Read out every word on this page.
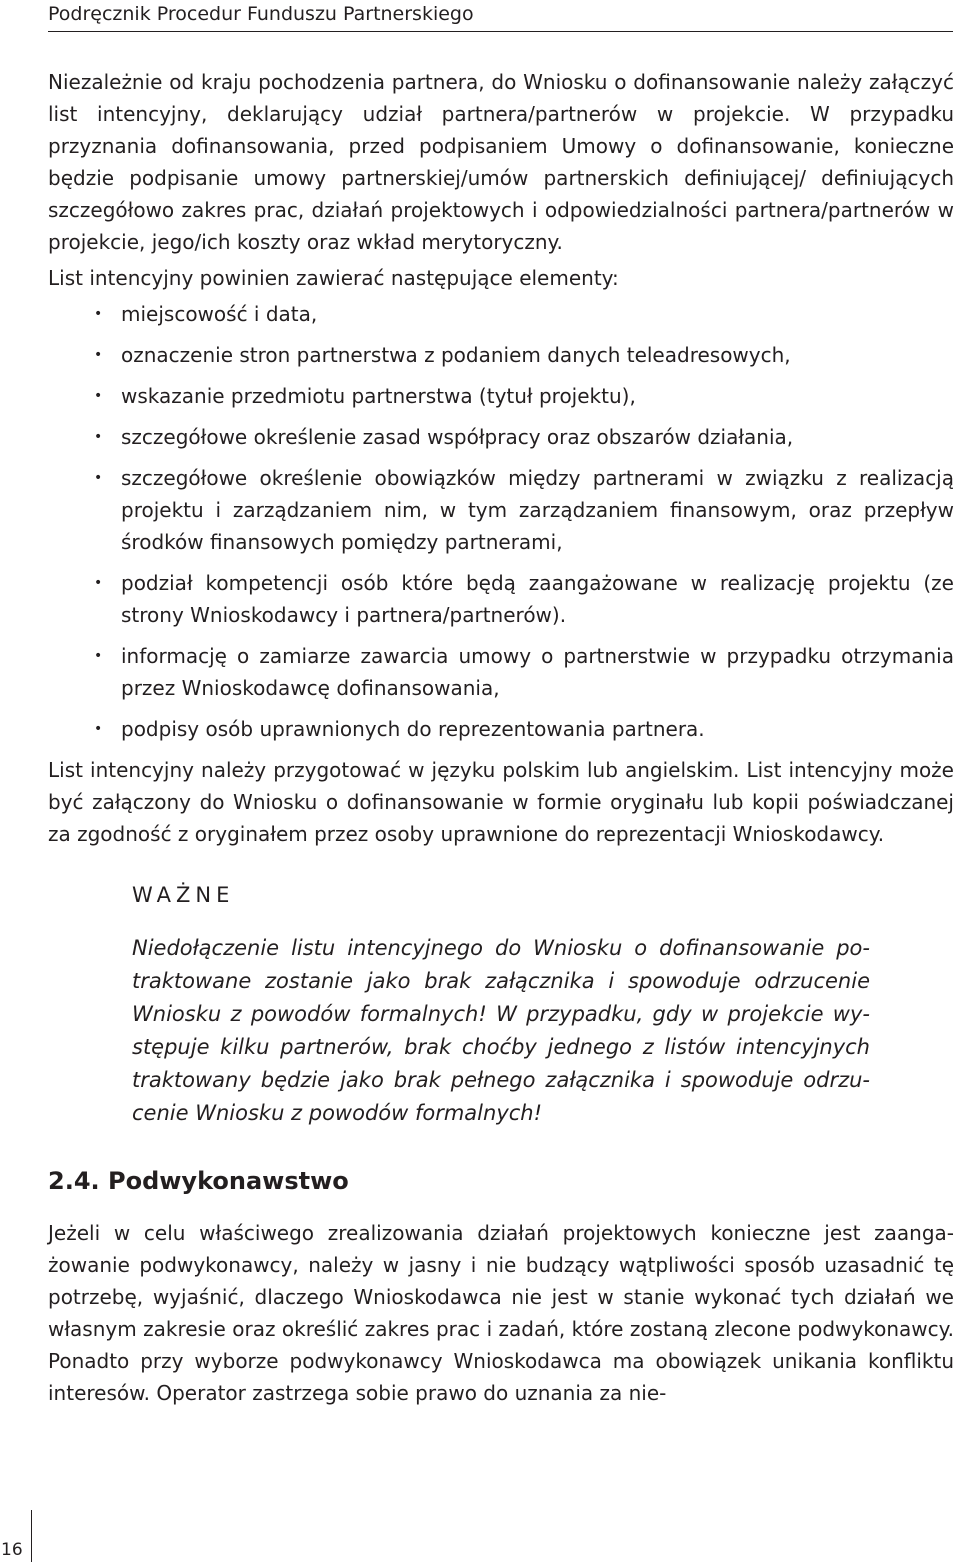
Podręcznik Procedur Funduszu Partnerskiego

Niezależnie od kraju pochodzenia partnera, do Wniosku o dofinansowanie należy załączyć list intencyjny, deklarujący udział partnera/partnerów w projekcie. W przypadku przyznania dofinansowania, przed podpisaniem Umowy o dofinansowanie, konieczne będzie podpisanie umowy partnerskiej/umów partnerskich definiującej/ definiujących szczegółowo zakres prac, działań projektowych i odpowiedzialności partnera/partnerów w projekcie, jego/ich koszty oraz wkład merytoryczny.

List intencyjny powinien zawierać następujące elementy:

• miejscowość i data,
• oznaczenie stron partnerstwa z podaniem danych teleadresowych,
• wskazanie przedmiotu partnerstwa (tytuł projektu),
• szczegółowe określenie zasad współpracy oraz obszarów działania,
• szczegółowe określenie obowiązków między partnerami w związku z realizacją projektu i zarządzaniem nim, w tym zarządzaniem finansowym, oraz przepływ środków finansowych pomiędzy partnerami,
• podział kompetencji osób które będą zaangażowane w realizację projektu (ze strony Wnioskodawcy i partnera/partnerów).
• informację o zamiarze zawarcia umowy o partnerstwie w przypadku otrzymania przez Wnioskodawcę dofinansowania,
• podpisy osób uprawnionych do reprezentowania partnera.

List intencyjny należy przygotować w języku polskim lub angielskim. List intencyjny może być załączony do Wniosku o dofinansowanie w formie oryginału lub kopii poświadczanej za zgodność z oryginałem przez osoby uprawnione do reprezentacji Wnioskodawcy.

WAŻNE

Niedołączenie listu intencyjnego do Wniosku o dofinansowanie potraktowane zostanie jako brak załącznika i spowoduje odrzucenie Wniosku z powodów formalnych! W przypadku, gdy w projekcie występuje kilku partnerów, brak choćby jednego z listów intencyjnych traktowany będzie jako brak pełnego załącznika i spowoduje odrzucenie Wniosku z powodów formalnych!

2.4. Podwykonawstwo

Jeżeli w celu właściwego zrealizowania działań projektowych konieczne jest zaangażowanie podwykonawcy, należy w jasny i nie budzący wątpliwości sposób uzasadnić tę potrzebę, wyjaśnić, dlaczego Wnioskodawca nie jest w stanie wykonać tych działań we własnym zakresie oraz określić zakres prac i zadań, które zostaną zlecone podwykonawcy. Ponadto przy wyborze podwykonawcy Wnioskodawca ma obowiązek unikania konfliktu interesów. Operator zastrzega sobie prawo do uznania za nie-

16
